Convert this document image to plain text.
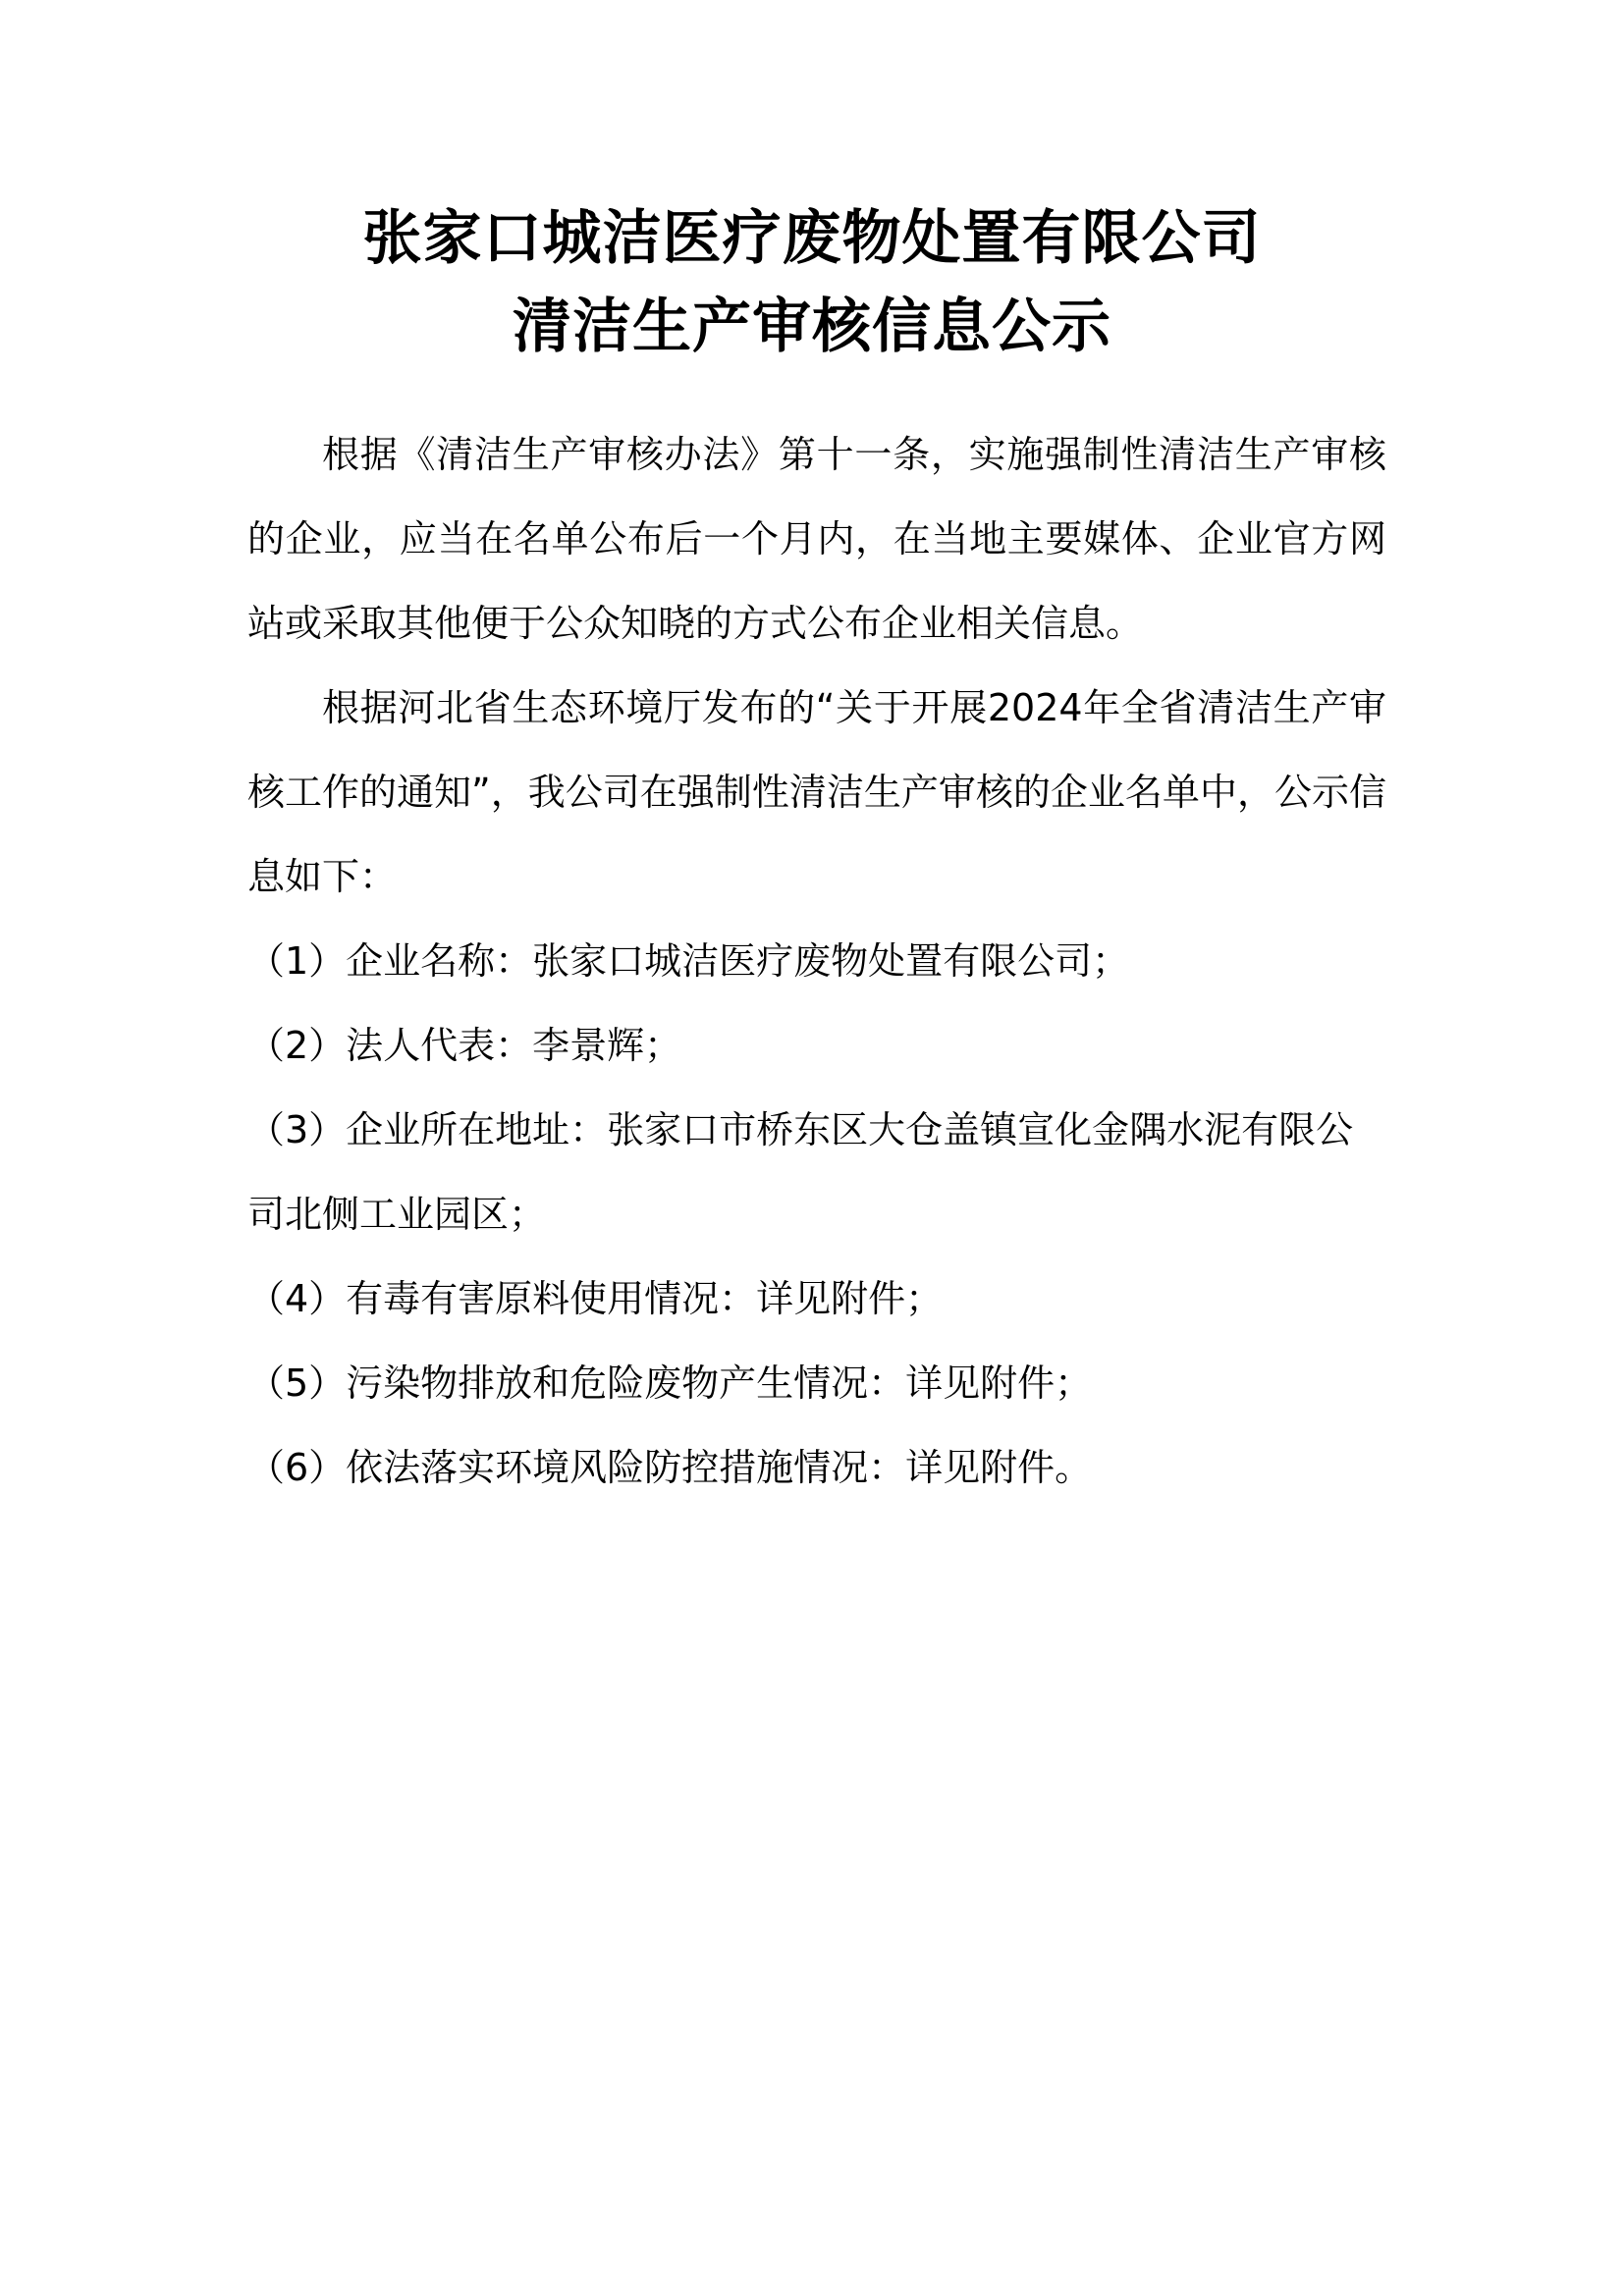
张家口城洁医疗废物处置有限公司
清洁生产审核信息公示

根据《清洁生产审核办法》第十一条，实施强制性清洁生产审核的企业，应当在名单公布后一个月内，在当地主要媒体、企业官方网站或采取其他便于公众知晓的方式公布企业相关信息。

根据河北省生态环境厅发布的“关于开展2024年全省清洁生产审核工作的通知”，我公司在强制性清洁生产审核的企业名单中，公示信息如下：

（1）企业名称：张家口城洁医疗废物处置有限公司；

（2）法人代表：李景辉；

（3）企业所在地址：张家口市桥东区大仓盖镇宣化金隅水泥有限公司北侧工业园区；

（4）有毒有害原料使用情况：详见附件；

（5）污染物排放和危险废物产生情况：详见附件；

（6）依法落实环境风险防控措施情况：详见附件。
